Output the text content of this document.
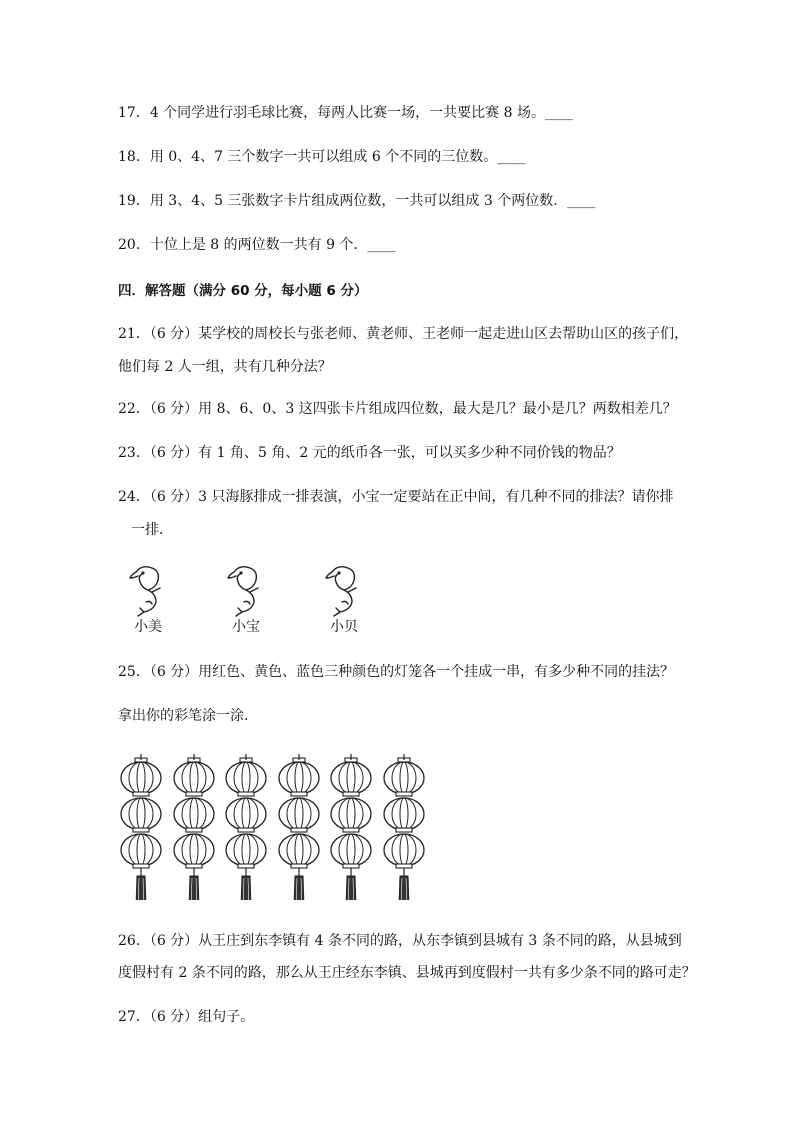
17．4 个同学进行羽毛球比赛，每两人比赛一场，一共要比赛 8 场。____
18．用 0、4、7 三个数字一共可以组成 6 个不同的三位数。____
19．用 3、4、5 三张数字卡片组成两位数，一共可以组成 3 个两位数．____
20．十位上是 8 的两位数一共有 9 个．____
四．解答题（满分 60 分，每小题 6 分）
21．（6 分）某学校的周校长与张老师、黄老师、王老师一起走进山区去帮助山区的孩子们，
他们每 2 人一组，共有几种分法？
22．（6 分）用 8、6、0、3 这四张卡片组成四位数，最大是几？最小是几？两数相差几？
23．（6 分）有 1 角、5 角、2 元的纸币各一张，可以买多少种不同价钱的物品？
24．（6 分）3 只海豚排成一排表演，小宝一定要站在正中间，有几种不同的排法？请你排
一排．
小美	小宝	小贝
25．（6 分）用红色、黄色、蓝色三种颜色的灯笼各一个挂成一串，有多少种不同的挂法？
拿出你的彩笔涂一涂．
26．（6 分）从王庄到东李镇有 4 条不同的路，从东李镇到县城有 3 条不同的路，从县城到
度假村有 2 条不同的路，那么从王庄经东李镇、县城再到度假村一共有多少条不同的路可走？
27．（6 分）组句子。
